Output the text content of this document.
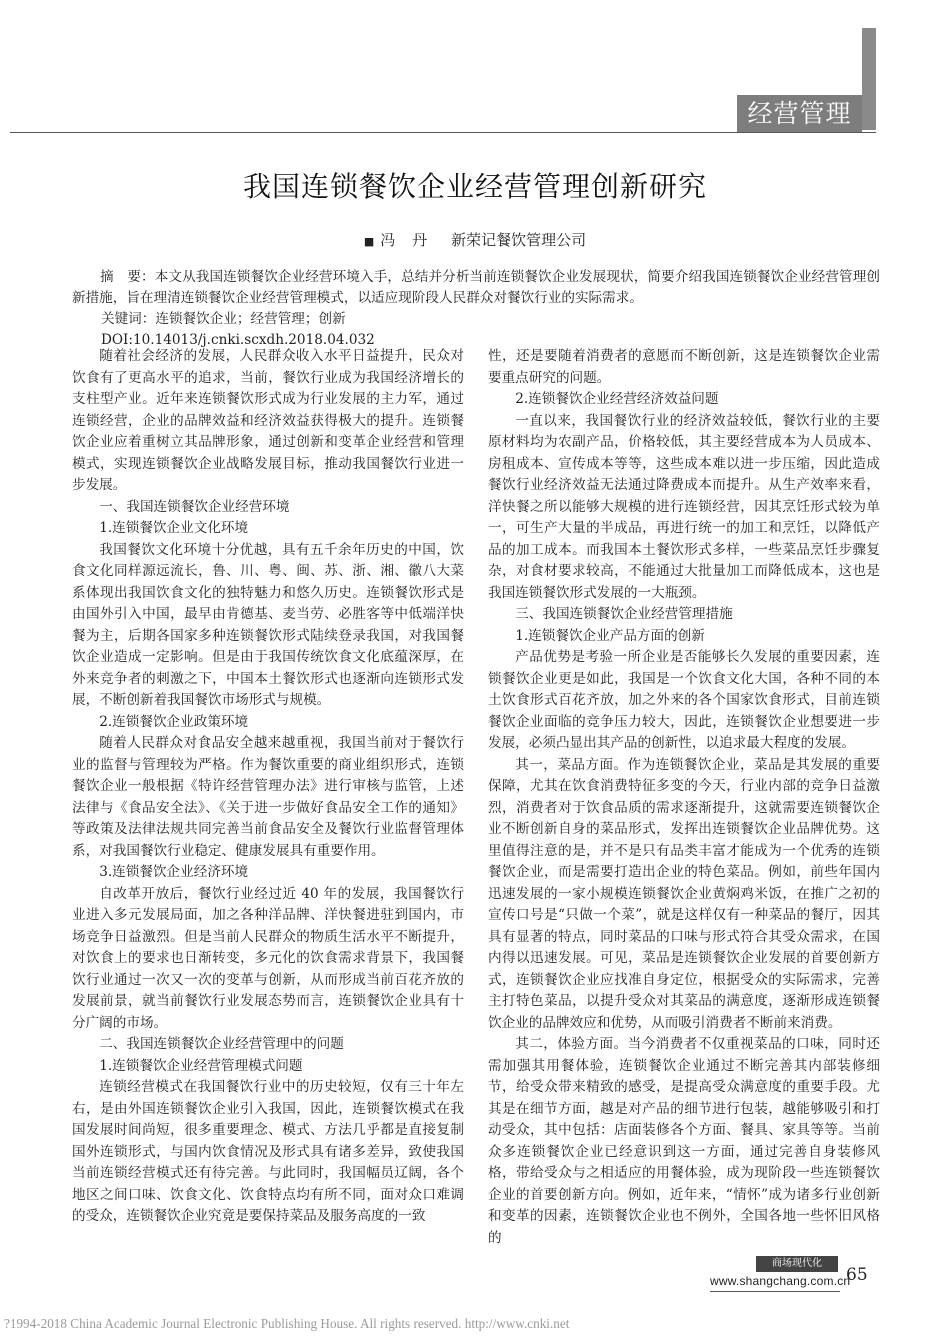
经营管理
我国连锁餐饮企业经营管理创新研究
■ 冯 丹 新荣记餐饮管理公司

摘　要：本文从我国连锁餐饮企业经营环境入手，总结并分析当前连锁餐饮企业发展现状，简要介绍我国连锁餐饮企业经营管理创新措施，旨在理清连锁餐饮企业经营管理模式，以适应现阶段人民群众对餐饮行业的实际需求。

关键词：连锁餐饮企业；经营管理；创新

DOI:10.14013/j.cnki.scxdh.2018.04.032

随着社会经济的发展，人民群众收入水平日益提升，民众对饮食有了更高水平的追求，当前，餐饮行业成为我国经济增长的支柱型产业。近年来连锁餐饮形式成为行业发展的主力军，通过连锁经营，企业的品牌效益和经济效益获得极大的提升。连锁餐饮企业应着重树立其品牌形象，通过创新和变革企业经营和管理模式，实现连锁餐饮企业战略发展目标，推动我国餐饮行业进一步发展。

一、我国连锁餐饮企业经营环境

1.连锁餐饮企业文化环境

我国餐饮文化环境十分优越，具有五千余年历史的中国，饮食文化同样源远流长，鲁、川、粤、闽、苏、浙、湘、徽八大菜系体现出我国饮食文化的独特魅力和悠久历史。连锁餐饮形式是由国外引入中国，最早由肯德基、麦当劳、必胜客等中低端洋快餐为主，后期各国家多种连锁餐饮形式陆续登录我国，对我国餐饮企业造成一定影响。但是由于我国传统饮食文化底蕴深厚，在外来竞争者的刺激之下，中国本土餐饮形式也逐渐向连锁形式发展，不断创新着我国餐饮市场形式与规模。

2.连锁餐饮企业政策环境

随着人民群众对食品安全越来越重视，我国当前对于餐饮行业的监督与管理较为严格。作为餐饮重要的商业组织形式，连锁餐饮企业一般根据《特许经营管理办法》进行审核与监管，上述法律与《食品安全法》、《关于进一步做好食品安全工作的通知》等政策及法律法规共同完善当前食品安全及餐饮行业监督管理体系，对我国餐饮行业稳定、健康发展具有重要作用。

3.连锁餐饮企业经济环境

自改革开放后，餐饮行业经过近 40 年的发展，我国餐饮行业进入多元发展局面，加之各种洋品牌、洋快餐进驻到国内，市场竞争日益激烈。但是当前人民群众的物质生活水平不断提升，对饮食上的要求也日渐转变，多元化的饮食需求背景下，我国餐饮行业通过一次又一次的变革与创新，从而形成当前百花齐放的发展前景，就当前餐饮行业发展态势而言，连锁餐饮企业具有十分广阔的市场。

二、我国连锁餐饮企业经营管理中的问题

1.连锁餐饮企业经营管理模式问题

连锁经营模式在我国餐饮行业中的历史较短，仅有三十年左右，是由外国连锁餐饮企业引入我国，因此，连锁餐饮模式在我国发展时间尚短，很多重要理念、模式、方法几乎都是直接复制国外连锁形式，与国内饮食情况及形式具有诸多差异，致使我国当前连锁经营模式还有待完善。与此同时，我国幅员辽阔，各个地区之间口味、饮食文化、饮食特点均有所不同，面对众口难调的受众，连锁餐饮企业究竟是要保持菜品及服务高度的一致

性，还是要随着消费者的意愿而不断创新，这是连锁餐饮企业需要重点研究的问题。

2.连锁餐饮企业经营经济效益问题

一直以来，我国餐饮行业的经济效益较低，餐饮行业的主要原材料均为农副产品，价格较低，其主要经营成本为人员成本、房租成本、宣传成本等等，这些成本难以进一步压缩，因此造成餐饮行业经济效益无法通过降费成本而提升。从生产效率来看，洋快餐之所以能够大规模的进行连锁经营，因其烹饪形式较为单一，可生产大量的半成品，再进行统一的加工和烹饪，以降低产品的加工成本。而我国本土餐饮形式多样，一些菜品烹饪步骤复杂，对食材要求较高，不能通过大批量加工而降低成本，这也是我国连锁餐饮形式发展的一大瓶颈。

三、我国连锁餐饮企业经营管理措施

1.连锁餐饮企业产品方面的创新

产品优势是考验一所企业是否能够长久发展的重要因素，连锁餐饮企业更是如此，我国是一个饮食文化大国，各种不同的本土饮食形式百花齐放，加之外来的各个国家饮食形式，目前连锁餐饮企业面临的竞争压力较大，因此，连锁餐饮企业想要进一步发展，必须凸显出其产品的创新性，以追求最大程度的发展。

其一，菜品方面。作为连锁餐饮企业，菜品是其发展的重要保障，尤其在饮食消费特征多变的今天，行业内部的竞争日益激烈，消费者对于饮食品质的需求逐渐提升，这就需要连锁餐饮企业不断创新自身的菜品形式，发挥出连锁餐饮企业品牌优势。这里值得注意的是，并不是只有品类丰富才能成为一个优秀的连锁餐饮企业，而是需要打造出企业的特色菜品。例如，前些年国内迅速发展的一家小规模连锁餐饮企业黄焖鸡米饭，在推广之初的宣传口号是“只做一个菜”，就是这样仅有一种菜品的餐厅，因其具有显著的特点，同时菜品的口味与形式符合其受众需求，在国内得以迅速发展。可见，菜品是连锁餐饮企业发展的首要创新方式，连锁餐饮企业应找准自身定位，根据受众的实际需求，完善主打特色菜品，以提升受众对其菜品的满意度，逐渐形成连锁餐饮企业的品牌效应和优势，从而吸引消费者不断前来消费。

其二，体验方面。当今消费者不仅重视菜品的口味，同时还需加强其用餐体验，连锁餐饮企业通过不断完善其内部装修细节，给受众带来精致的感受，是提高受众满意度的重要手段。尤其是在细节方面，越是对产品的细节进行包装，越能够吸引和打动受众，其中包括：店面装修各个方面、餐具、家具等等。当前众多连锁餐饮企业已经意识到这一方面，通过完善自身装修风格，带给受众与之相适应的用餐体验，成为现阶段一些连锁餐饮企业的首要创新方向。例如，近年来，“情怀”成为诸多行业创新和变革的因素，连锁餐饮企业也不例外，全国各地一些怀旧风格的

商场现代化
www.shangchang.com.cn
65
?1994-2018 China Academic Journal Electronic Publishing House. All rights reserved. http://www.cnki.net
